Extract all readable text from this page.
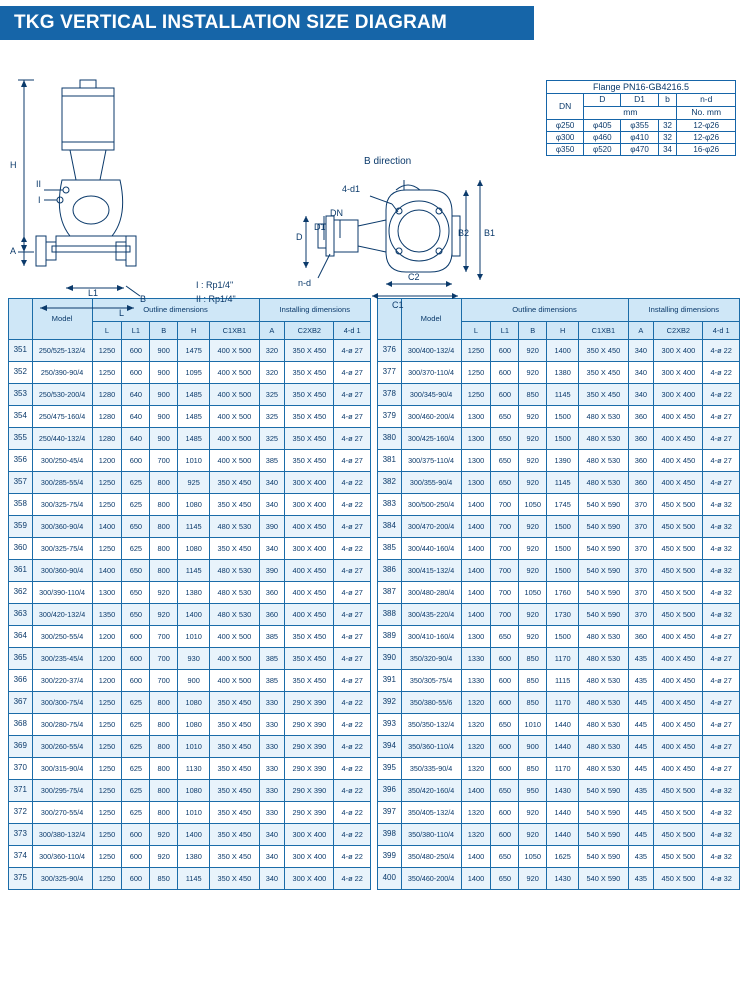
TKG VERTICAL INSTALLATION SIZE DIAGRAM
H
A
L1
L
B
II
I
I : Rp1/4"
II : Rp1/4"
B direction
4-d1
n-d
D
D1
DN
C1
C2
B1
B2
Flange PN16-GB4216.5				
DN	D	D1	b	n-d
	mm			No. mm
φ250	φ405	φ355	32	12-φ26
φ300	φ460	φ410	32	12-φ26
φ350	φ520	φ470	34	16-φ26
	Model	Outline dimensions					Installing dimensions		
		L	L1	B	H	C1XB1	A	C2XB2	4-d 1
351	250/525-132/4	1250	600	900	1475	400 X 500	320	350 X 450	4-ø 27
352	250/390-90/4	1250	600	900	1095	400 X 500	320	350 X 450	4-ø 27
353	250/530-200/4	1280	640	900	1485	400 X 500	325	350 X 450	4-ø 27
354	250/475-160/4	1280	640	900	1485	400 X 500	325	350 X 450	4-ø 27
355	250/440-132/4	1280	640	900	1485	400 X 500	325	350 X 450	4-ø 27
356	300/250-45/4	1200	600	700	1010	400 X 500	385	350 X 450	4-ø 27
357	300/285-55/4	1250	625	800	925	350 X 450	340	300 X 400	4-ø 22
358	300/325-75/4	1250	625	800	1080	350 X 450	340	300 X 400	4-ø 22
359	300/360-90/4	1400	650	800	1145	480 X 530	390	400 X 450	4-ø 27
360	300/325-75/4	1250	625	800	1080	350 X 450	340	300 X 400	4-ø 22
361	300/360-90/4	1400	650	800	1145	480 X 530	390	400 X 450	4-ø 27
362	300/390-110/4	1300	650	920	1380	480 X 530	360	400 X 450	4-ø 27
363	300/420-132/4	1350	650	920	1400	480 X 530	360	400 X 450	4-ø 27
364	300/250-55/4	1200	600	700	1010	400 X 500	385	350 X 450	4-ø 27
365	300/235-45/4	1200	600	700	930	400 X 500	385	350 X 450	4-ø 27
366	300/220-37/4	1200	600	700	900	400 X 500	385	350 X 450	4-ø 27
367	300/300-75/4	1250	625	800	1080	350 X 450	330	290 X 390	4-ø 22
368	300/280-75/4	1250	625	800	1080	350 X 450	330	290 X 390	4-ø 22
369	300/260-55/4	1250	625	800	1010	350 X 450	330	290 X 390	4-ø 22
370	300/315-90/4	1250	625	800	1130	350 X 450	330	290 X 390	4-ø 22
371	300/295-75/4	1250	625	800	1080	350 X 450	330	290 X 390	4-ø 22
372	300/270-55/4	1250	625	800	1010	350 X 450	330	290 X 390	4-ø 22
373	300/380-132/4	1250	600	920	1400	350 X 450	340	300 X 400	4-ø 22
374	300/360-110/4	1250	600	920	1380	350 X 450	340	300 X 400	4-ø 22
375	300/325-90/4	1250	600	850	1145	350 X 450	340	300 X 400	4-ø 22
	Model	Outline dimensions					Installing dimensions		
		L	L1	B	H	C1XB1	A	C2XB2	4-d 1
376	300/400-132/4	1250	600	920	1400	350 X 450	340	300 X 400	4-ø 22
377	300/370-110/4	1250	600	920	1380	350 X 450	340	300 X 400	4-ø 22
378	300/345-90/4	1250	600	850	1145	350 X 450	340	300 X 400	4-ø 22
379	300/460-200/4	1300	650	920	1500	480 X 530	360	400 X 450	4-ø 27
380	300/425-160/4	1300	650	920	1500	480 X 530	360	400 X 450	4-ø 27
381	300/375-110/4	1300	650	920	1390	480 X 530	360	400 X 450	4-ø 27
382	300/355-90/4	1300	650	920	1145	480 X 530	360	400 X 450	4-ø 27
383	300/500-250/4	1400	700	1050	1745	540 X 590	370	450 X 500	4-ø 32
384	300/470-200/4	1400	700	920	1500	540 X 590	370	450 X 500	4-ø 32
385	300/440-160/4	1400	700	920	1500	540 X 590	370	450 X 500	4-ø 32
386	300/415-132/4	1400	700	920	1500	540 X 590	370	450 X 500	4-ø 32
387	300/480-280/4	1400	700	1050	1760	540 X 590	370	450 X 500	4-ø 32
388	300/435-220/4	1400	700	920	1730	540 X 590	370	450 X 500	4-ø 32
389	300/410-160/4	1300	650	920	1500	480 X 530	360	400 X 450	4-ø 27
390	350/320-90/4	1330	600	850	1170	480 X 530	435	400 X 450	4-ø 27
391	350/305-75/4	1330	600	850	1115	480 X 530	435	400 X 450	4-ø 27
392	350/380-55/6	1320	600	850	1170	480 X 530	445	400 X 450	4-ø 27
393	350/350-132/4	1320	650	1010	1440	480 X 530	445	400 X 450	4-ø 27
394	350/360-110/4	1320	600	900	1440	480 X 530	445	400 X 450	4-ø 27
395	350/335-90/4	1320	600	850	1170	480 X 530	445	400 X 450	4-ø 27
396	350/420-160/4	1400	650	950	1430	540 X 590	435	450 X 500	4-ø 32
397	350/405-132/4	1320	600	920	1440	540 X 590	445	450 X 500	4-ø 32
398	350/380-110/4	1320	600	920	1440	540 X 590	445	450 X 500	4-ø 32
399	350/480-250/4	1400	650	1050	1625	540 X 590	435	450 X 500	4-ø 32
400	350/460-200/4	1400	650	920	1430	540 X 590	435	450 X 500	4-ø 32
